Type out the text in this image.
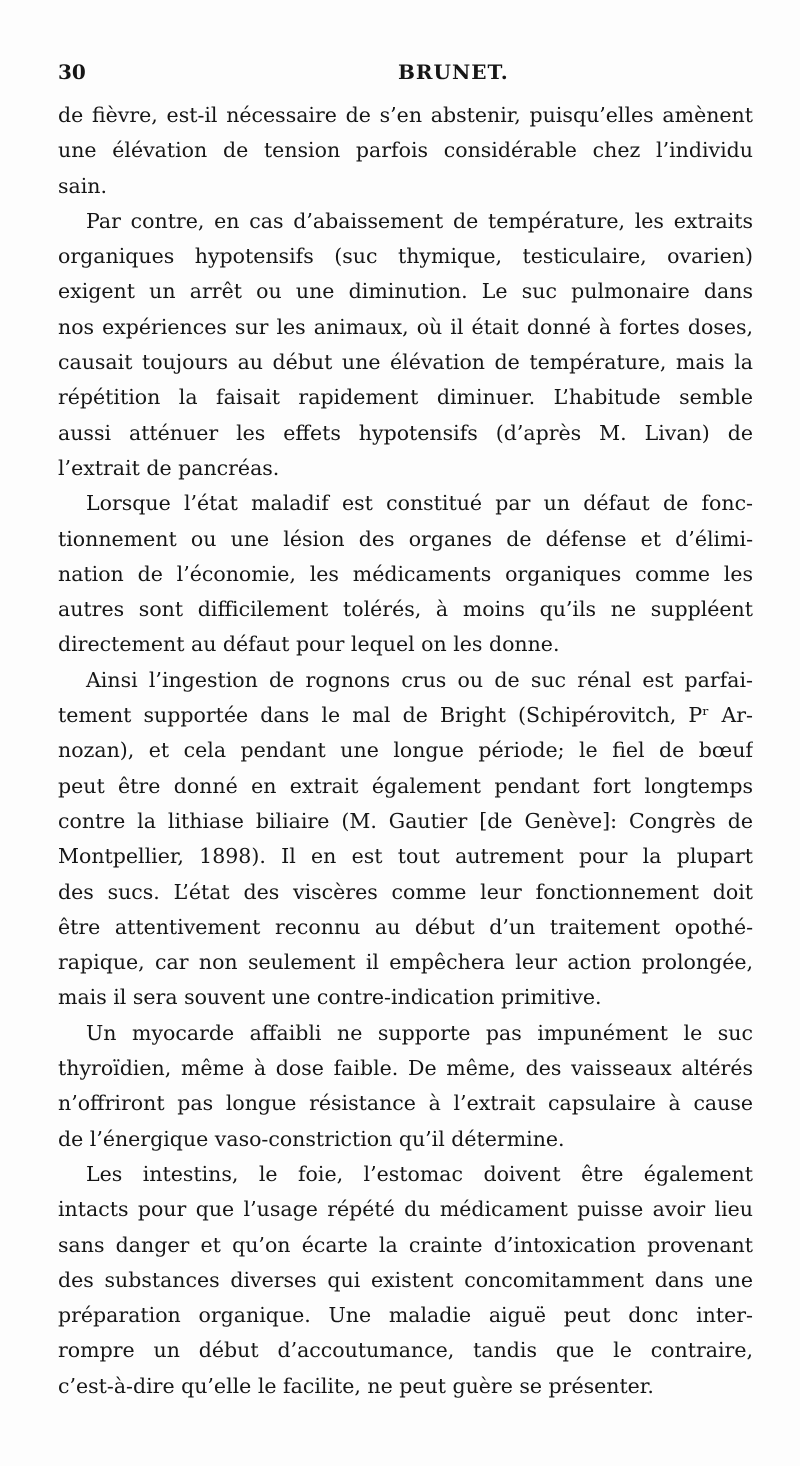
30	BRUNET.
de fièvre, est-il nécessaire de s’en abstenir, puisqu’elles amènent
une élévation de tension parfois considérable chez l’individu
sain.
Par contre, en cas d’abaissement de température, les extraits
organiques hypotensifs (suc thymique, testiculaire, ovarien)
exigent un arrêt ou une diminution. Le suc pulmonaire dans
nos expériences sur les animaux, où il était donné à fortes doses,
causait toujours au début une élévation de température, mais la
répétition la faisait rapidement diminuer. L’habitude semble
aussi atténuer les effets hypotensifs (d’après M. Livan) de
l’extrait de pancréas.
Lorsque l’état maladif est constitué par un défaut de fonc-
tionnement ou une lésion des organes de défense et d’élimi-
nation de l’économie, les médicaments organiques comme les
autres sont difficilement tolérés, à moins qu’ils ne suppléent
directement au défaut pour lequel on les donne.
Ainsi l’ingestion de rognons crus ou de suc rénal est parfai-
tement supportée dans le mal de Bright (Schipérovitch, Pʳ Ar-
nozan), et cela pendant une longue période; le fiel de bœuf
peut être donné en extrait également pendant fort longtemps
contre la lithiase biliaire (M. Gautier [de Genève]: Congrès de
Montpellier, 1898). Il en est tout autrement pour la plupart
des sucs. L’état des viscères comme leur fonctionnement doit
être attentivement reconnu au début d’un traitement opothé-
rapique, car non seulement il empêchera leur action prolongée,
mais il sera souvent une contre-indication primitive.
Un myocarde affaibli ne supporte pas impunément le suc
thyroïdien, même à dose faible. De même, des vaisseaux altérés
n’offriront pas longue résistance à l’extrait capsulaire à cause
de l’énergique vaso-constriction qu’il détermine.
Les intestins, le foie, l’estomac doivent être également
intacts pour que l’usage répété du médicament puisse avoir lieu
sans danger et qu’on écarte la crainte d’intoxication provenant
des substances diverses qui existent concomitamment dans une
préparation organique. Une maladie aiguë peut donc inter-
rompre un début d’accoutumance, tandis que le contraire,
c’est-à-dire qu’elle le facilite, ne peut guère se présenter.
